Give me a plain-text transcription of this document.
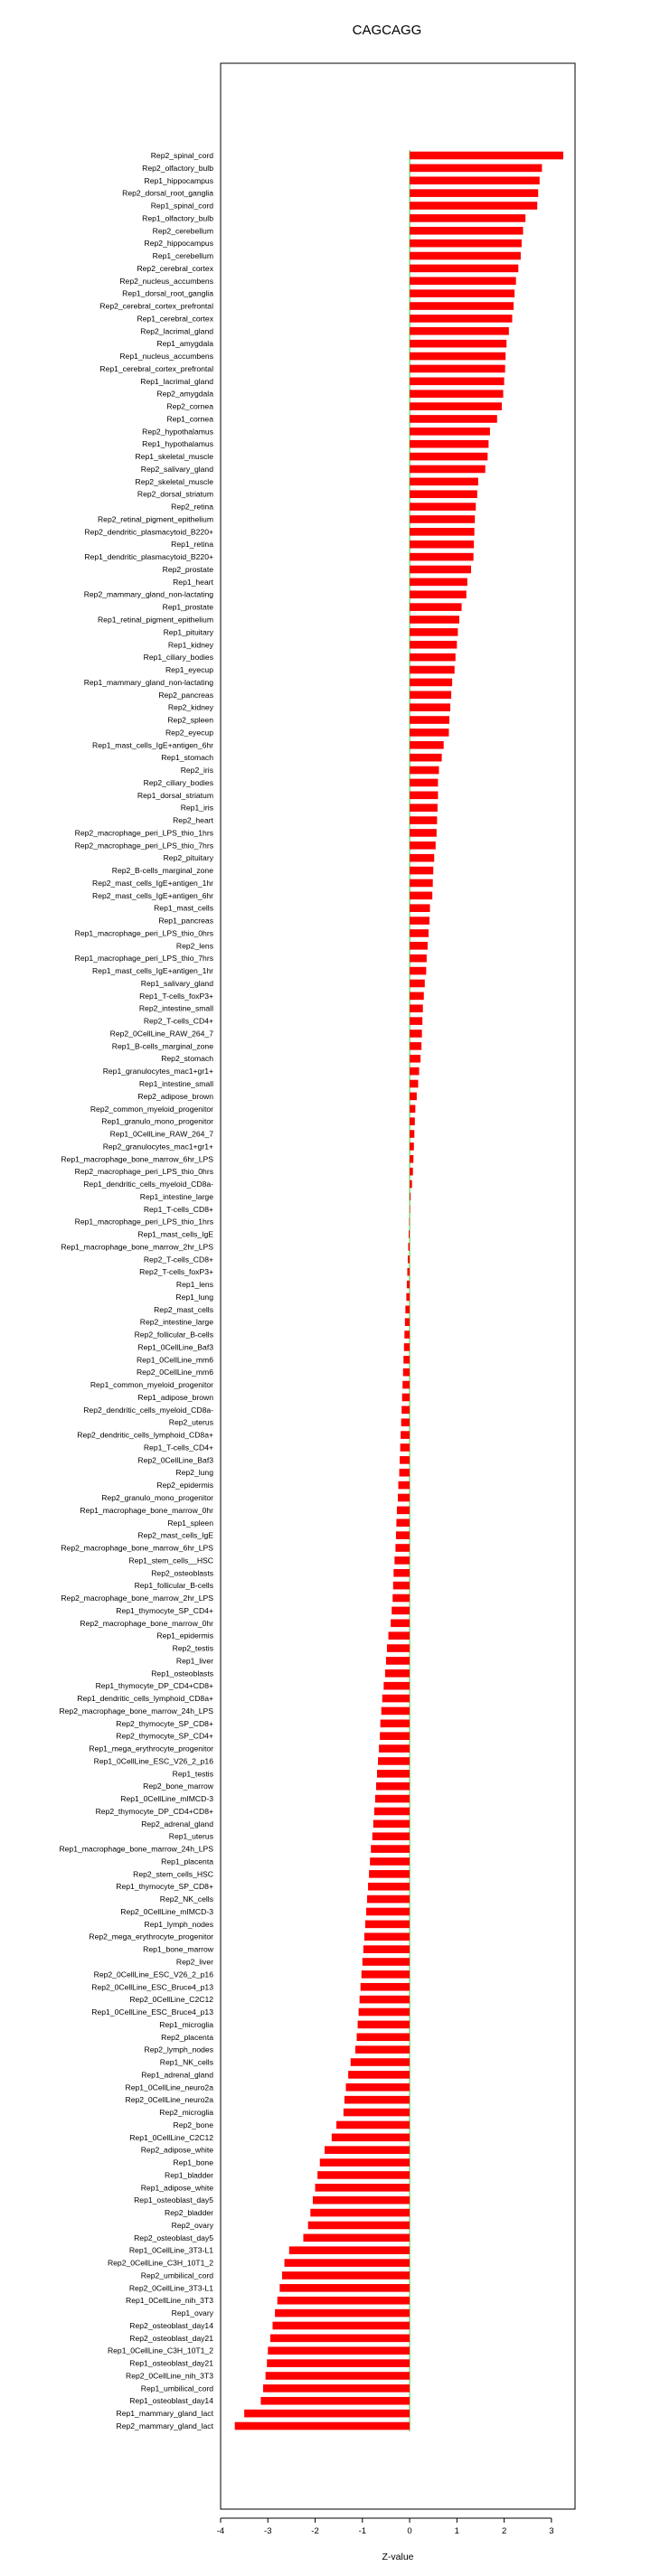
CAGCAGG
Rep2_spinal_cord
Rep2_olfactory_bulb
Rep1_hippocampus
Rep2_dorsal_root_ganglia
Rep1_spinal_cord
Rep1_olfactory_bulb
Rep2_cerebellum
Rep2_hippocampus
Rep1_cerebellum
Rep2_cerebral_cortex
Rep2_nucleus_accumbens
Rep1_dorsal_root_ganglia
Rep2_cerebral_cortex_prefrontal
Rep1_cerebral_cortex
Rep2_lacrimal_gland
Rep1_amygdala
Rep1_nucleus_accumbens
Rep1_cerebral_cortex_prefrontal
Rep1_lacrimal_gland
Rep2_amygdala
Rep2_cornea
Rep1_cornea
Rep2_hypothalamus
Rep1_hypothalamus
Rep1_skeletal_muscle
Rep2_salivary_gland
Rep2_skeletal_muscle
Rep2_dorsal_striatum
Rep2_retina
Rep2_retinal_pigment_epithelium
Rep2_dendritic_plasmacytoid_B220+
Rep1_retina
Rep1_dendritic_plasmacytoid_B220+
Rep2_prostate
Rep1_heart
Rep2_mammary_gland_non-lactating
Rep1_prostate
Rep1_retinal_pigment_epithelium
Rep1_pituitary
Rep1_kidney
Rep1_ciliary_bodies
Rep1_eyecup
Rep1_mammary_gland_non-lactating
Rep2_pancreas
Rep2_kidney
Rep2_spleen
Rep2_eyecup
Rep1_mast_cells_IgE+antigen_6hr
Rep1_stomach
Rep2_iris
Rep2_ciliary_bodies
Rep1_dorsal_striatum
Rep1_iris
Rep2_heart
Rep2_macrophage_peri_LPS_thio_1hrs
Rep2_macrophage_peri_LPS_thio_7hrs
Rep2_pituitary
Rep2_B-cells_marginal_zone
Rep2_mast_cells_IgE+antigen_1hr
Rep2_mast_cells_IgE+antigen_6hr
Rep1_mast_cells
Rep1_pancreas
Rep1_macrophage_peri_LPS_thio_0hrs
Rep2_lens
Rep1_macrophage_peri_LPS_thio_7hrs
Rep1_mast_cells_IgE+antigen_1hr
Rep1_salivary_gland
Rep1_T-cells_foxP3+
Rep2_intestine_small
Rep2_T-cells_CD4+
Rep2_0CellLine_RAW_264_7
Rep1_B-cells_marginal_zone
Rep2_stomach
Rep1_granulocytes_mac1+gr1+
Rep1_intestine_small
Rep2_adipose_brown
Rep2_common_myeloid_progenitor
Rep1_granulo_mono_progenitor
Rep1_0CellLine_RAW_264_7
Rep2_granulocytes_mac1+gr1+
Rep1_macrophage_bone_marrow_6hr_LPS
Rep2_macrophage_peri_LPS_thio_0hrs
Rep1_dendritic_cells_myeloid_CD8a-
Rep1_intestine_large
Rep1_T-cells_CD8+
Rep1_macrophage_peri_LPS_thio_1hrs
Rep1_mast_cells_IgE
Rep1_macrophage_bone_marrow_2hr_LPS
Rep2_T-cells_CD8+
Rep2_T-cells_foxP3+
Rep1_lens
Rep1_lung
Rep2_mast_cells
Rep2_intestine_large
Rep2_follicular_B-cells
Rep1_0CellLine_Baf3
Rep1_0CellLine_mm6
Rep2_0CellLine_mm6
Rep1_common_myeloid_progenitor
Rep1_adipose_brown
Rep2_dendritic_cells_myeloid_CD8a-
Rep2_uterus
Rep2_dendritic_cells_lymphoid_CD8a+
Rep1_T-cells_CD4+
Rep2_0CellLine_Baf3
Rep2_lung
Rep2_epidermis
Rep2_granulo_mono_progenitor
Rep1_macrophage_bone_marrow_0hr
Rep1_spleen
Rep2_mast_cells_IgE
Rep2_macrophage_bone_marrow_6hr_LPS
Rep1_stem_cells__HSC
Rep2_osteoblasts
Rep1_follicular_B-cells
Rep2_macrophage_bone_marrow_2hr_LPS
Rep1_thymocyte_SP_CD4+
Rep2_macrophage_bone_marrow_0hr
Rep1_epidermis
Rep2_testis
Rep1_liver
Rep1_osteoblasts
Rep1_thymocyte_DP_CD4+CD8+
Rep1_dendritic_cells_lymphoid_CD8a+
Rep2_macrophage_bone_marrow_24h_LPS
Rep2_thymocyte_SP_CD8+
Rep2_thymocyte_SP_CD4+
Rep1_mega_erythrocyte_progenitor
Rep1_0CellLine_ESC_V26_2_p16
Rep1_testis
Rep2_bone_marrow
Rep1_0CellLine_mIMCD-3
Rep2_thymocyte_DP_CD4+CD8+
Rep2_adrenal_gland
Rep1_uterus
Rep1_macrophage_bone_marrow_24h_LPS
Rep1_placenta
Rep2_stem_cells_HSC
Rep1_thymocyte_SP_CD8+
Rep2_NK_cells
Rep2_0CellLine_mIMCD-3
Rep1_lymph_nodes
Rep2_mega_erythrocyte_progenitor
Rep1_bone_marrow
Rep2_liver
Rep2_0CellLine_ESC_V26_2_p16
Rep2_0CellLine_ESC_Bruce4_p13
Rep2_0CellLine_C2C12
Rep1_0CellLine_ESC_Bruce4_p13
Rep1_microglia
Rep2_placenta
Rep2_lymph_nodes
Rep1_NK_cells
Rep1_adrenal_gland
Rep1_0CellLine_neuro2a
Rep2_0CellLine_neuro2a
Rep2_microglia
Rep2_bone
Rep1_0CellLine_C2C12
Rep2_adipose_white
Rep1_bone
Rep1_bladder
Rep1_adipose_white
Rep1_osteoblast_day5
Rep2_bladder
Rep2_ovary
Rep2_osteoblast_day5
Rep1_0CellLine_3T3-L1
Rep2_0CellLine_C3H_10T1_2
Rep2_umbilical_cord
Rep2_0CellLine_3T3-L1
Rep1_0CellLine_nih_3T3
Rep1_ovary
Rep2_osteoblast_day14
Rep2_osteoblast_day21
Rep1_0CellLine_C3H_10T1_2
Rep1_osteoblast_day21
Rep2_0CellLine_nih_3T3
Rep1_umbilical_cord
Rep1_osteoblast_day14
Rep1_mammary_gland_lact
Rep2_mammary_gland_lact
-4	-3	-2	-1	0	1	2	3
Z-value
